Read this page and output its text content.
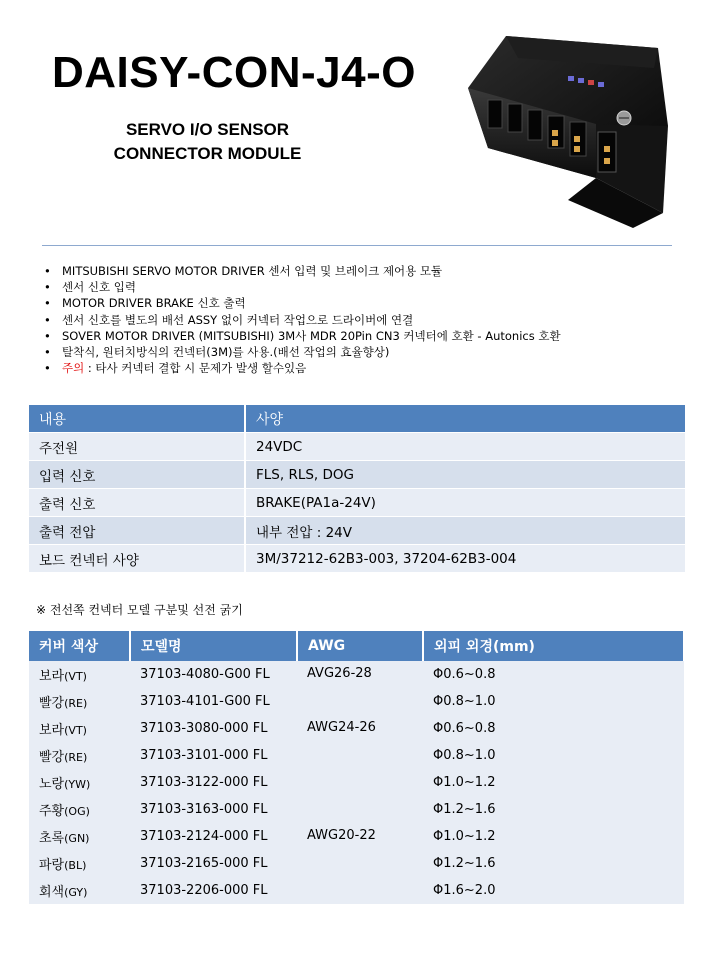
DAISY-CON-J4-O
SERVO I/O SENSOR CONNECTOR MODULE
• MITSUBISHI SERVO MOTOR DRIVER 센서 입력 및 브레이크 제어용 모듈
• 센서 신호 입력
• MOTOR DRIVER BRAKE 신호 출력
• 센서 신호를 별도의 배선 ASSY 없이 커넥터 작업으로 드라이버에 연결
• SOVER MOTOR DRIVER (MITSUBISHI) 3M사 MDR 20Pin CN3 커넥터에 호환 - Autonics 호환
• 탈착식, 원터치방식의 컨넥터(3M)를 사용.(배선 작업의 효율향상)
• 주의 : 타사 커넥터 결합 시 문제가 발생 할수있음
내용	사양
주전원	24VDC
입력 신호	FLS, RLS, DOG
출력 신호	BRAKE(PA1a-24V)
출력 전압	내부 전압 : 24V
보드 컨넥터 사양	3M/37212-62B3-003, 37204-62B3-004
※ 전선쪽 컨넥터 모델 구분및 선전 굵기
커버 색상	모델명	AWG	외피 외경(mm)
보라(VT)	37103-4080-G00 FL	AVG26-28	Φ0.6~0.8
빨강(RE)	37103-4101-G00 FL		Φ0.8~1.0
보라(VT)	37103-3080-000 FL	AWG24-26	Φ0.6~0.8
빨강(RE)	37103-3101-000 FL		Φ0.8~1.0
노랑(YW)	37103-3122-000 FL		Φ1.0~1.2
주황(OG)	37103-3163-000 FL		Φ1.2~1.6
초록(GN)	37103-2124-000 FL	AWG20-22	Φ1.0~1.2
파랑(BL)	37103-2165-000 FL		Φ1.2~1.6
회색(GY)	37103-2206-000 FL		Φ1.6~2.0
